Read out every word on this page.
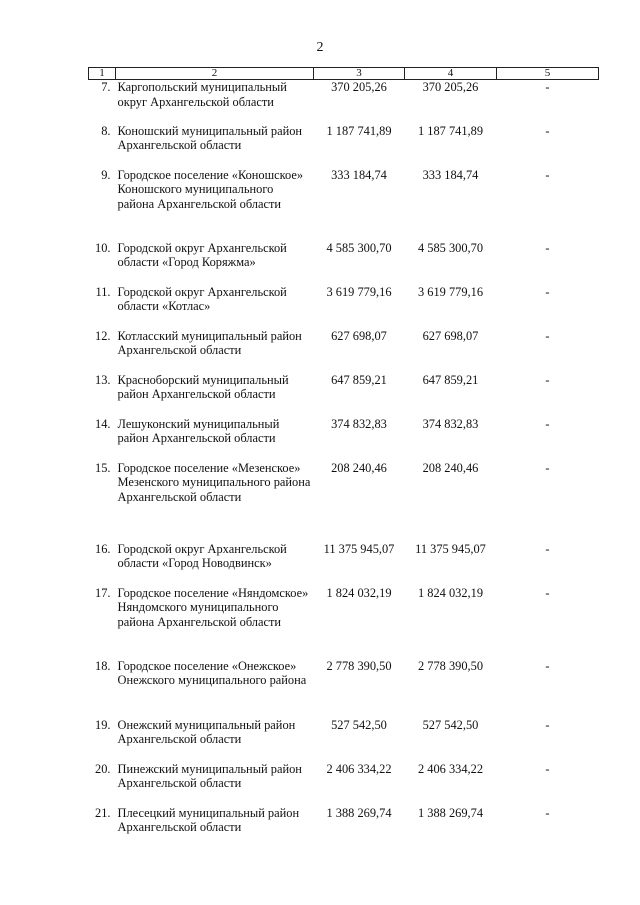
2
1	2	3	4	5
7.	Каргопольский муниципальный округ Архангельской области	370 205,26	370 205,26	-
8.	Коношский муниципальный район Архангельской области	1 187 741,89	1 187 741,89	-
9.	Городское поселение «Коношское» Коношского муниципального района Архангельской области	333 184,74	333 184,74	-
10.	Городской округ Архангельской области «Город Коряжма»	4 585 300,70	4 585 300,70	-
11.	Городской округ Архангельской области «Котлас»	3 619 779,16	3 619 779,16	-
12.	Котласский муниципальный район Архангельской области	627 698,07	627 698,07	-
13.	Красноборский муниципальный район Архангельской области	647 859,21	647 859,21	-
14.	Лешуконский муниципальный район Архангельской области	374 832,83	374 832,83	-
15.	Городское поселение «Мезенское» Мезенского муниципального района Архангельской области	208 240,46	208 240,46	-
16.	Городской округ Архангельской области «Город Новодвинск»	11 375 945,07	11 375 945,07	-
17.	Городское поселение «Няндомское» Няндомского муниципального района Архангельской области	1 824 032,19	1 824 032,19	-
18.	Городское поселение «Онежское» Онежского муниципального района	2 778 390,50	2 778 390,50	-
19.	Онежский муниципальный район Архангельской области	527 542,50	527 542,50	-
20.	Пинежский муниципальный район Архангельской области	2 406 334,22	2 406 334,22	-
21.	Плесецкий муниципальный район Архангельской области	1 388 269,74	1 388 269,74	-
